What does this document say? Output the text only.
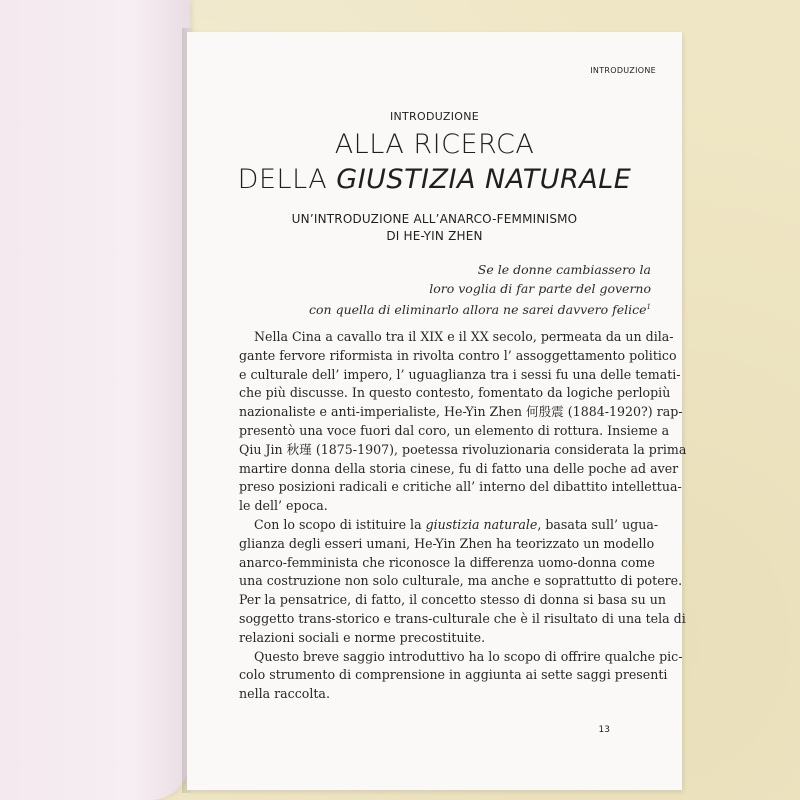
INTRODUZIONE
INTRODUZIONE
ALLA RICERCA
DELLA GIUSTIZIA NATURALE
UN’INTRODUZIONE ALL’ANARCO-FEMMINISMO
DI HE-YIN ZHEN
Se le donne cambiassero la
loro voglia di far parte del governo
con quella di eliminarlo allora ne sarei davvero felice$^1$
Nella Cina a cavallo tra il XIX e il XX secolo, permeata da un dila-
gante fervore riformista in rivolta contro l’ assoggettamento politico
e culturale dell’ impero, l’ uguaglianza tra i sessi fu una delle temati-
che più discusse. In questo contesto, fomentato da logiche perlopiù
nazionaliste e anti-imperialiste, He-Yin Zhen 何殷震 (1884-1920?) rap-
presentò una voce fuori dal coro, un elemento di rottura. Insieme a
Qiu Jin 秋瑾 (1875-1907), poetessa rivoluzionaria considerata la prima
martire donna della storia cinese, fu di fatto una delle poche ad aver
preso posizioni radicali e critiche all’ interno del dibattito intellettua-
le dell’ epoca.
Con lo scopo di istituire la giustizia naturale, basata sull’ ugua-
glianza degli esseri umani, He-Yin Zhen ha teorizzato un modello
anarco-femminista che riconosce la differenza uomo-donna come
una costruzione non solo culturale, ma anche e soprattutto di potere.
Per la pensatrice, di fatto, il concetto stesso di donna si basa su un
soggetto trans-storico e trans-culturale che è il risultato di una tela di
relazioni sociali e norme precostituite.
Questo breve saggio introduttivo ha lo scopo di offrire qualche pic-
colo strumento di comprensione in aggiunta ai sette saggi presenti
nella raccolta.
13
